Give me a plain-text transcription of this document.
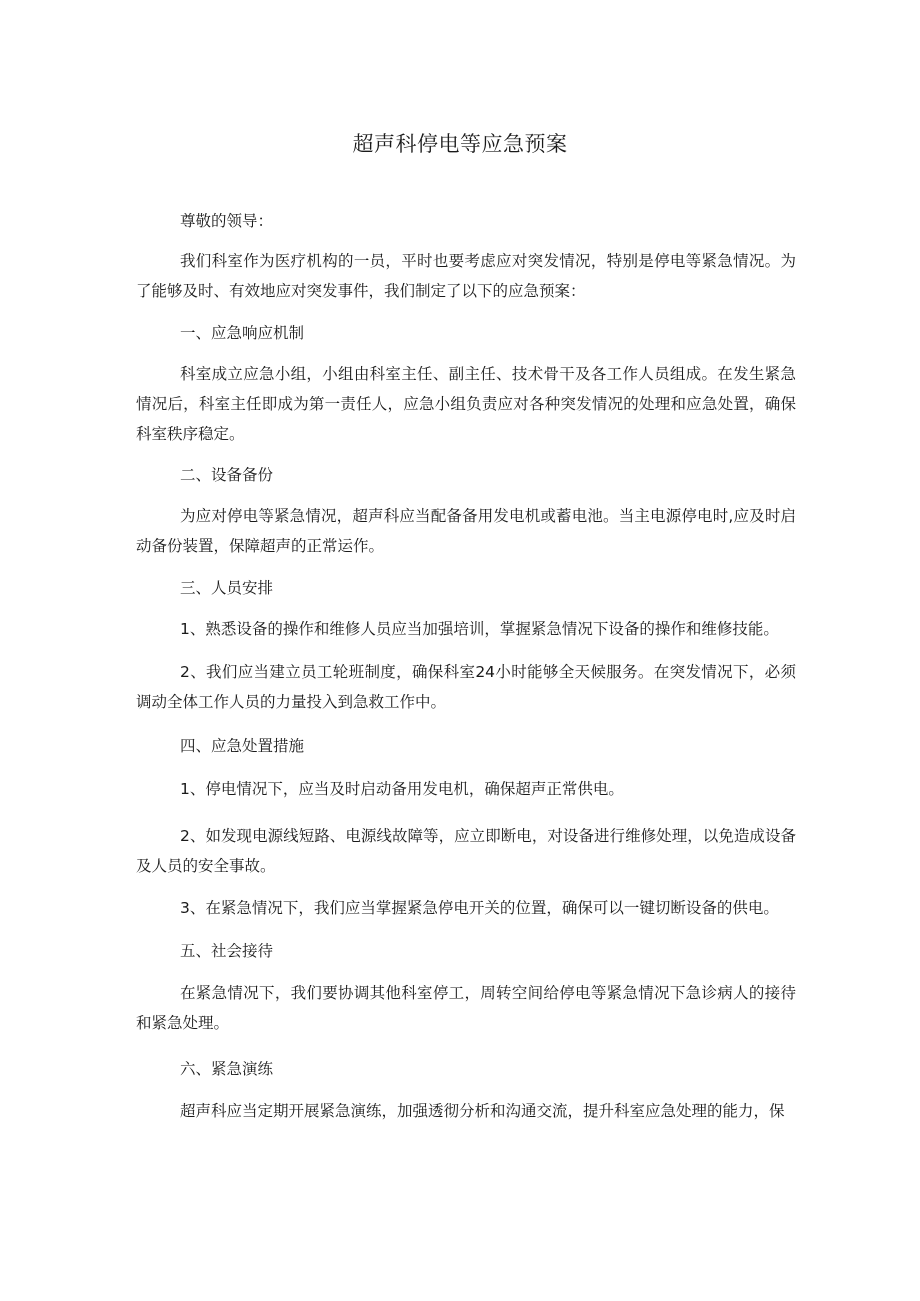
超声科停电等应急预案
尊敬的领导：
我们科室作为医疗机构的一员，平时也要考虑应对突发情况，特别是停电等紧急情况。为了能够及时、有效地应对突发事件，我们制定了以下的应急预案：
一、应急响应机制
科室成立应急小组，小组由科室主任、副主任、技术骨干及各工作人员组成。在发生紧急情况后，科室主任即成为第一责任人，应急小组负责应对各种突发情况的处理和应急处置，确保科室秩序稳定。
二、设备备份
为应对停电等紧急情况，超声科应当配备备用发电机或蓄电池。当主电源停电时,应及时启动备份装置，保障超声的正常运作。
三、人员安排
1、熟悉设备的操作和维修人员应当加强培训，掌握紧急情况下设备的操作和维修技能。
2、我们应当建立员工轮班制度，确保科室24小时能够全天候服务。在突发情况下，必须调动全体工作人员的力量投入到急救工作中。
四、应急处置措施
1、停电情况下，应当及时启动备用发电机，确保超声正常供电。
2、如发现电源线短路、电源线故障等，应立即断电，对设备进行维修处理，以免造成设备及人员的安全事故。
3、在紧急情况下，我们应当掌握紧急停电开关的位置，确保可以一键切断设备的供电。
五、社会接待
在紧急情况下，我们要协调其他科室停工，周转空间给停电等紧急情况下急诊病人的接待和紧急处理。
六、紧急演练
超声科应当定期开展紧急演练，加强透彻分析和沟通交流，提升科室应急处理的能力，保
